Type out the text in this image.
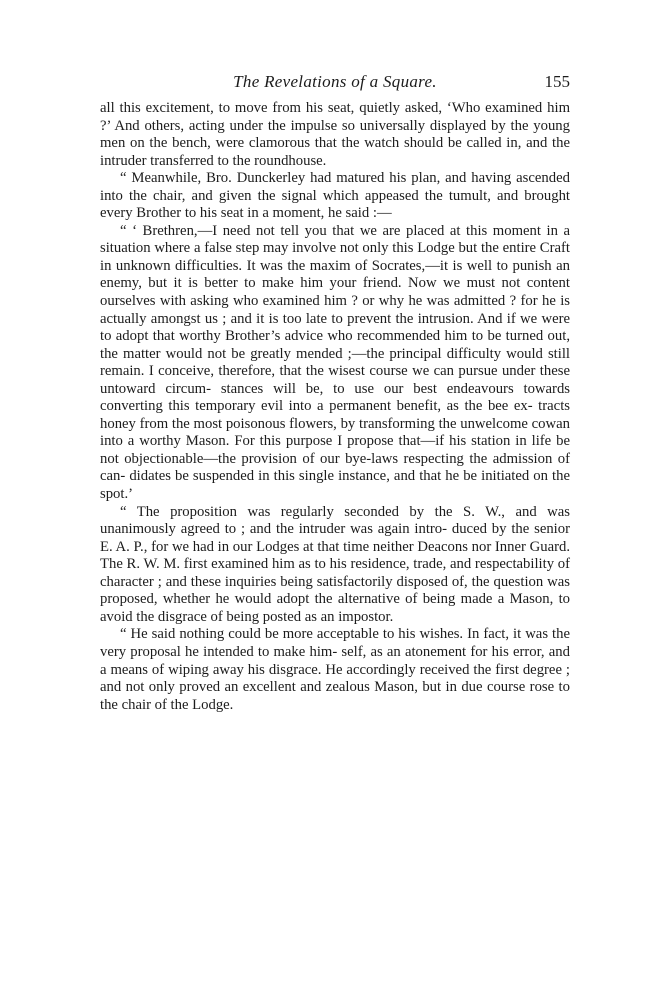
The Revelations of a Square.	155

all this excitement, to move from his seat, quietly asked, ‘Who examined him ?’ And others, acting under the impulse so universally displayed by the young men on the bench, were clamorous that the watch should be called in, and the intruder transferred to the roundhouse.

“ Meanwhile, Bro. Dunckerley had matured his plan, and having ascended into the chair, and given the signal which appeased the tumult, and brought every Brother to his seat in a moment, he said :—

“ ‘ Brethren,—I need not tell you that we are placed at this moment in a situation where a false step may involve not only this Lodge but the entire Craft in unknown difficulties. It was the maxim of Socrates,—it is well to punish an enemy, but it is better to make him your friend. Now we must not content ourselves with asking who examined him ? or why he was admitted ? for he is actually amongst us ; and it is too late to prevent the intrusion. And if we were to adopt that worthy Brother’s advice who recommended him to be turned out, the matter would not be greatly mended ;—the principal difficulty would still remain. I conceive, therefore, that the wisest course we can pursue under these untoward circum- stances will be, to use our best endeavours towards converting this temporary evil into a permanent benefit, as the bee ex- tracts honey from the most poisonous flowers, by transforming the unwelcome cowan into a worthy Mason. For this purpose I propose that—if his station in life be not objectionable—the provision of our bye-laws respecting the admission of can- didates be suspended in this single instance, and that he be initiated on the spot.’

“ The proposition was regularly seconded by the S. W., and was unanimously agreed to ; and the intruder was again intro- duced by the senior E. A. P., for we had in our Lodges at that time neither Deacons nor Inner Guard. The R. W. M. first examined him as to his residence, trade, and respectability of character ; and these inquiries being satisfactorily disposed of, the question was proposed, whether he would adopt the alternative of being made a Mason, to avoid the disgrace of being posted as an impostor.

“ He said nothing could be more acceptable to his wishes. In fact, it was the very proposal he intended to make him- self, as an atonement for his error, and a means of wiping away his disgrace. He accordingly received the first degree ; and not only proved an excellent and zealous Mason, but in due course rose to the chair of the Lodge.
